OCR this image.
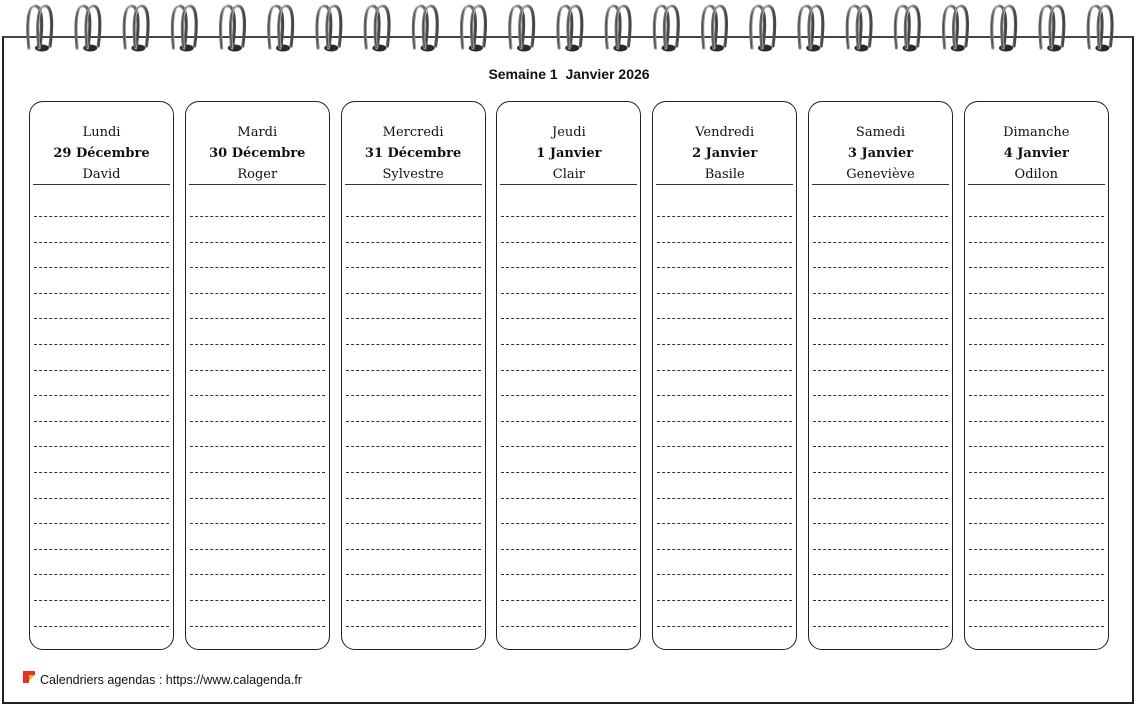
Semaine 1  Janvier 2026
Lundi
29 Décembre
David
Mardi
30 Décembre
Roger
Mercredi
31 Décembre
Sylvestre
Jeudi
1 Janvier
Clair
Vendredi
2 Janvier
Basile
Samedi
3 Janvier
Geneviève
Dimanche
4 Janvier
Odilon
Calendriers agendas : https://www.calagenda.fr
